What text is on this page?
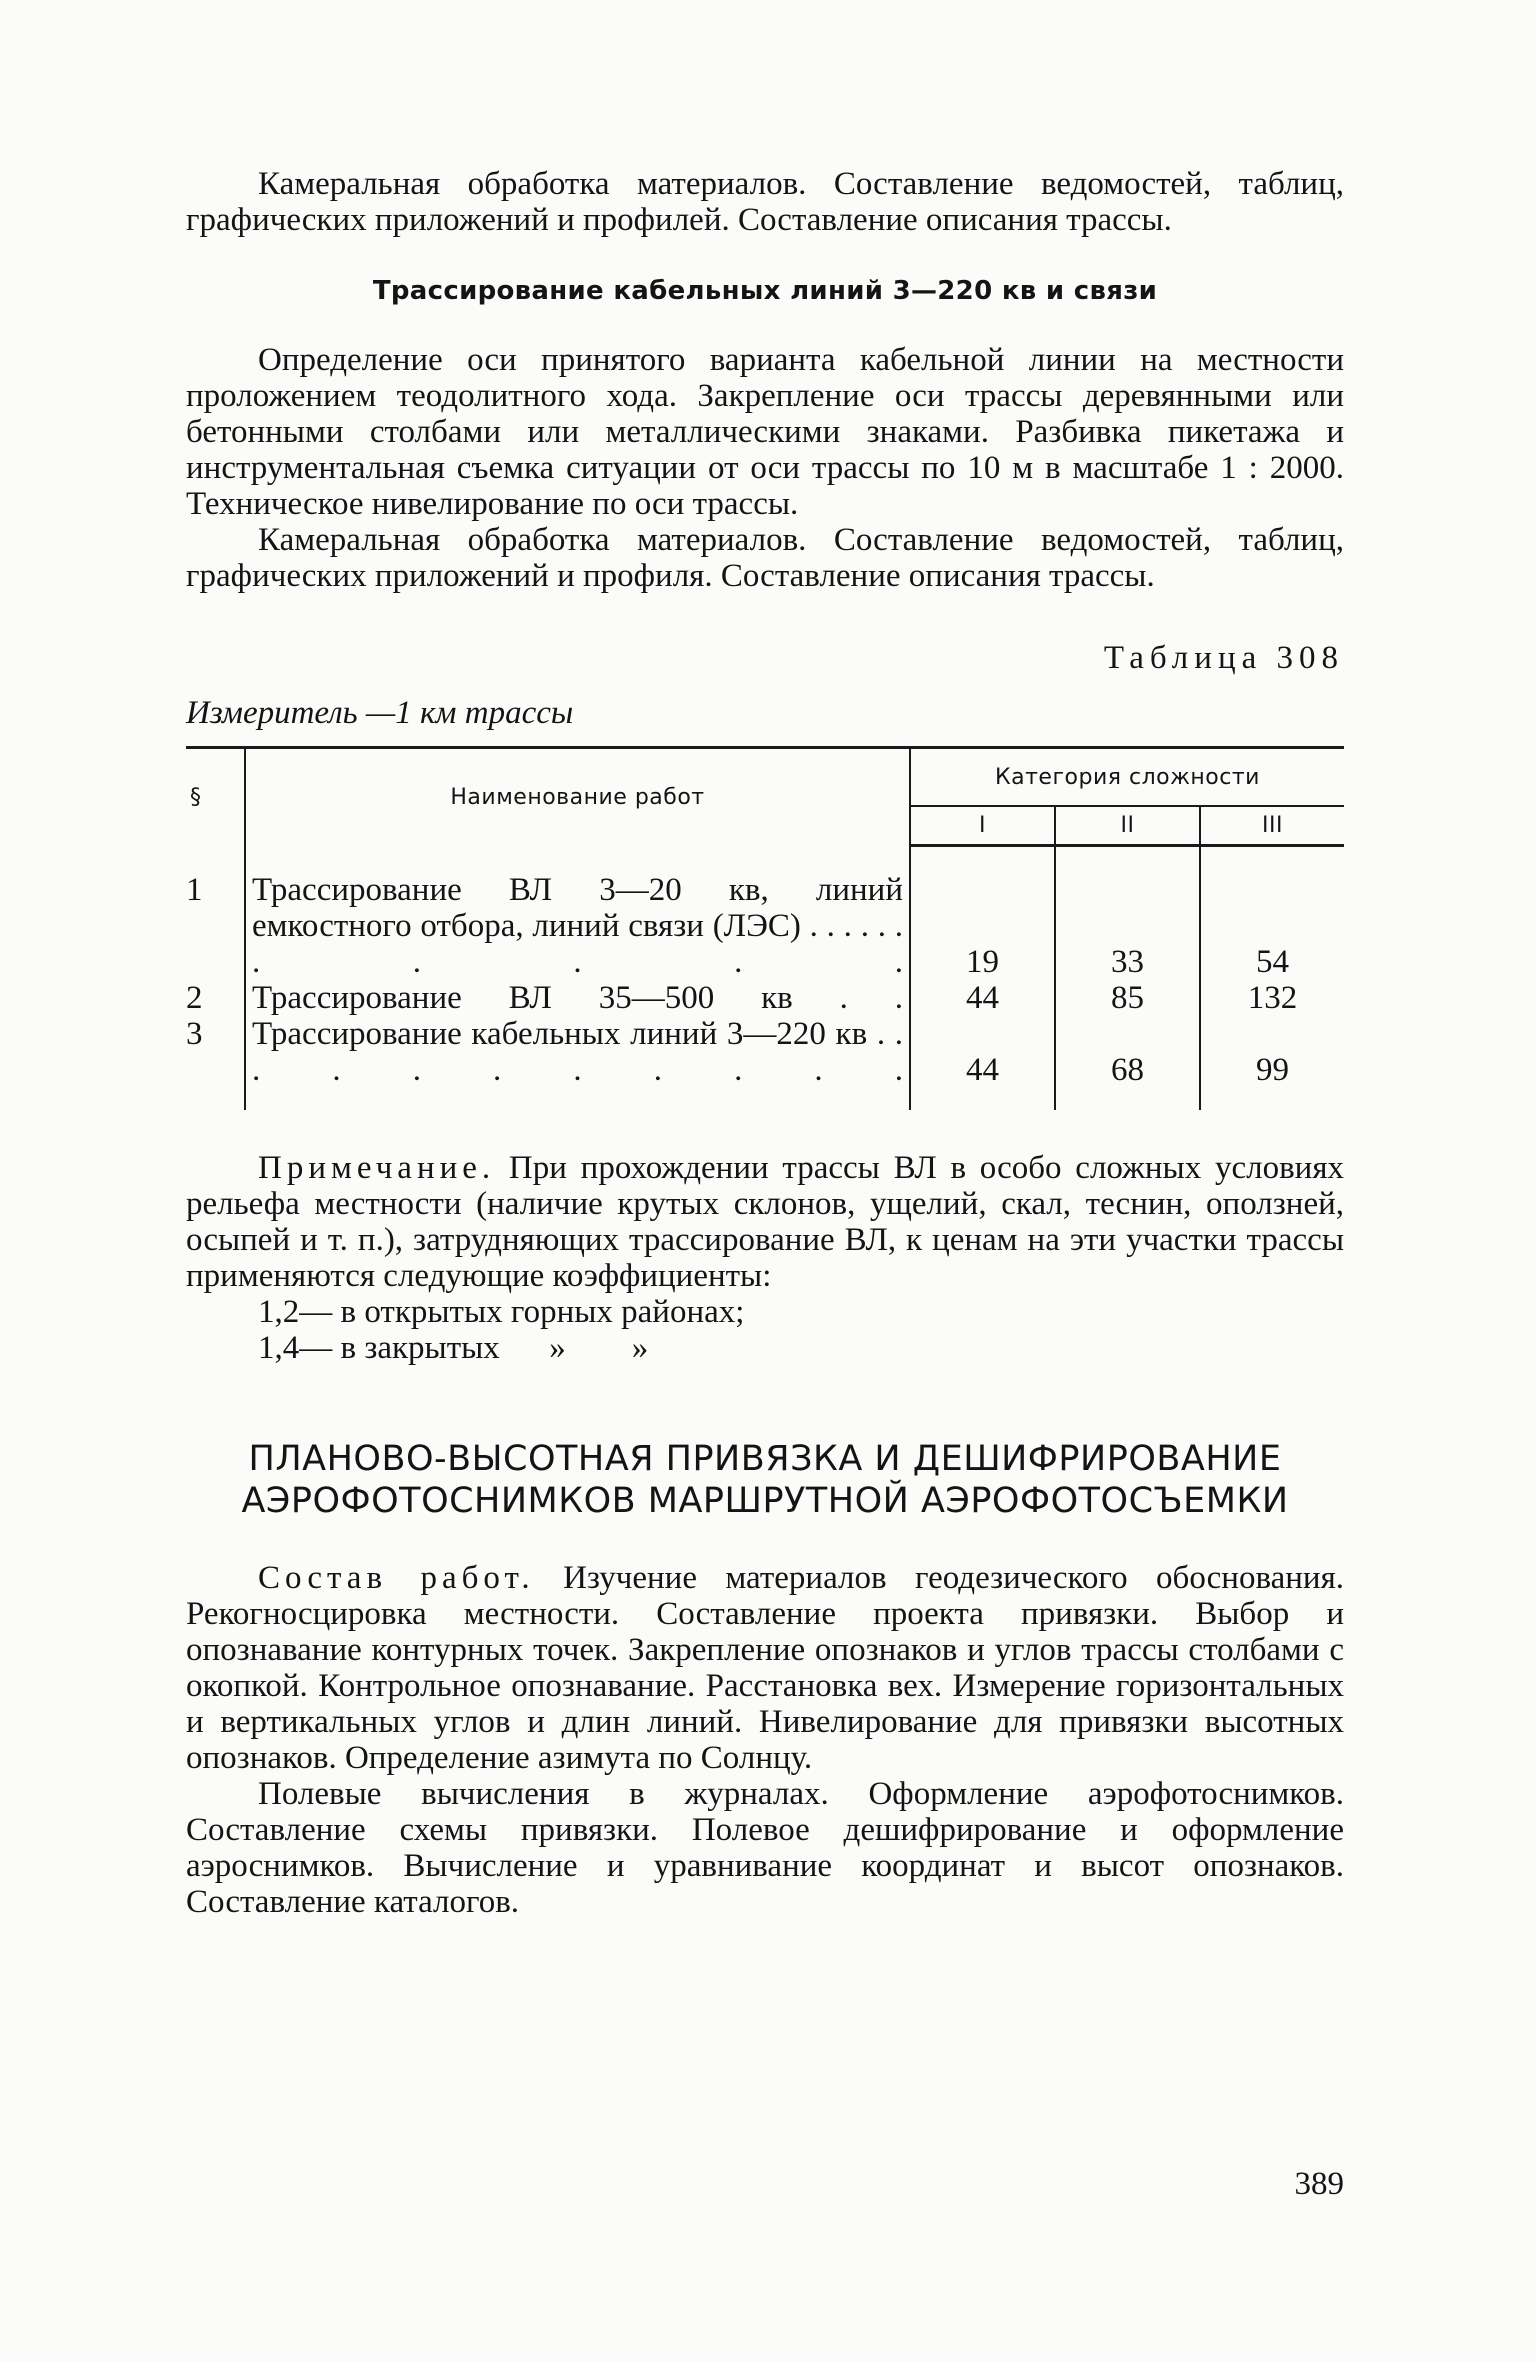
Камеральная обработка материалов. Составление ведомостей, таблиц, графических приложений и профилей. Составление описания трассы.

Трассирование кабельных линий 3—220 кв и связи

Определение оси принятого варианта кабельной линии на местности проложением теодолитного хода. Закрепление оси трассы деревянными или бетонными столбами или металлическими знаками. Разбивка пикетажа и инструментальная съемка ситуации от оси трассы по 10 м в масштабе 1 : 2000. Техническое нивелирование по оси трассы.

Камеральная обработка материалов. Составление ведомостей, таблиц, графических приложений и профиля. Составление описания трассы.

Таблица 308
Измеритель —1 км трассы
§	Наименование работ	Категория сложности		
		I	II	III
1	Трассирование ВЛ 3—20 кв, линий емкостного отбора, линий связи (ЛЭС) . . . . . . . . . . .	19	33	54
2	Трассирование ВЛ 35—500 кв . .	44	85	132
3	Трассирование кабельных линий 3—220 кв . . . . . . . . . . .	44	68	99

Примечание. При прохождении трассы ВЛ в особо сложных условиях рельефа местности (наличие крутых склонов, ущелий, скал, теснин, оползней, осыпей и т. п.), затрудняющих трассирование ВЛ, к ценам на эти участки трассы применяются следующие коэффициенты:

1,2— в открытых горных районах;
1,4— в закрытых      »        »
ПЛАНОВО-ВЫСОТНАЯ ПРИВЯЗКА И ДЕШИФРИРОВАНИЕ АЭРОФОТОСНИМКОВ МАРШРУТНОЙ АЭРОФОТОСЪЕМКИ

Состав работ. Изучение материалов геодезического обоснования. Рекогносцировка местности. Составление проекта привязки. Выбор и опознавание контурных точек. Закрепление опознаков и углов трассы столбами с окопкой. Контрольное опознавание. Расстановка вех. Измерение горизонтальных и вертикальных углов и длин линий. Нивелирование для привязки высотных опознаков. Определение азимута по Солнцу.

Полевые вычисления в журналах. Оформление аэрофотоснимков. Составление схемы привязки. Полевое дешифрирование и оформление аэроснимков. Вычисление и уравнивание координат и высот опознаков. Составление каталогов.

389
